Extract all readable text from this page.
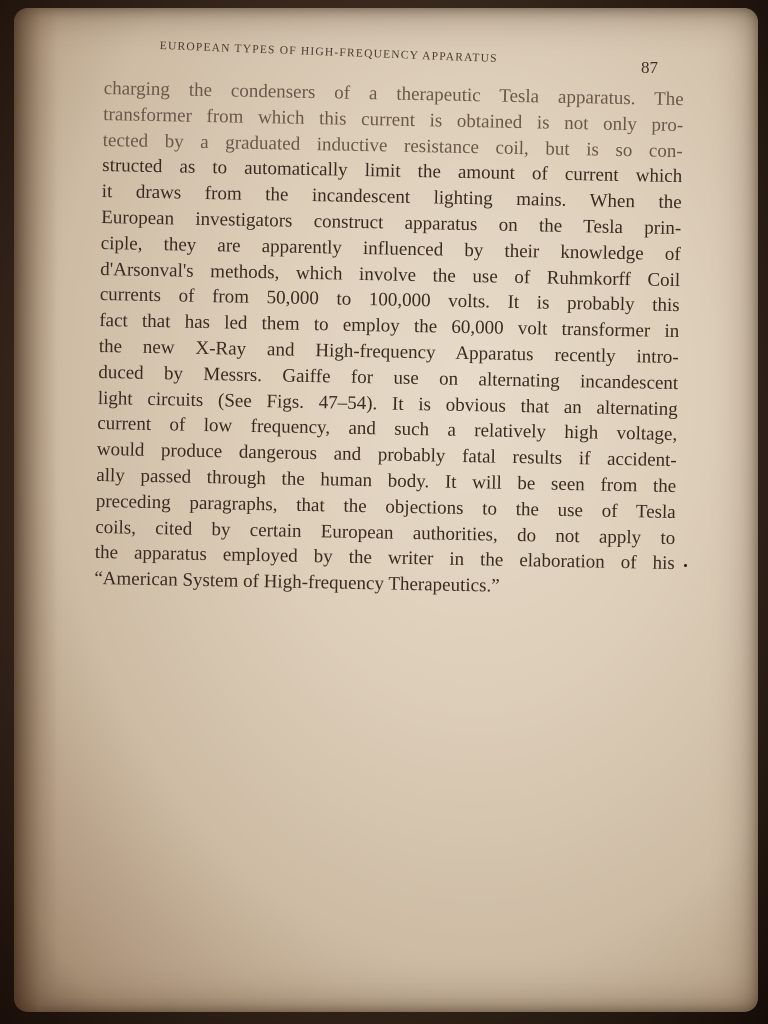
EUROPEAN TYPES OF HIGH-FREQUENCY APPARATUS
87
charging the condensers of a therapeutic Tesla apparatus. The
transformer from which this current is obtained is not only pro-
tected by a graduated inductive resistance coil, but is so con-
structed as to automatically limit the amount of current which
it draws from the incandescent lighting mains. When the
European investigators construct apparatus on the Tesla prin-
ciple, they are apparently influenced by their knowledge of
d'Arsonval's methods, which involve the use of Ruhmkorff Coil
currents of from 50,000 to 100,000 volts. It is probably this
fact that has led them to employ the 60,000 volt transformer in
the new X-Ray and High-frequency Apparatus recently intro-
duced by Messrs. Gaiffe for use on alternating incandescent
light circuits (See Figs. 47–54). It is obvious that an alternating
current of low frequency, and such a relatively high voltage,
would produce dangerous and probably fatal results if accident-
ally passed through the human body. It will be seen from the
preceding paragraphs, that the objections to the use of Tesla
coils, cited by certain European authorities, do not apply to
the apparatus employed by the writer in the elaboration of his
“American System of High-frequency Therapeutics.”
